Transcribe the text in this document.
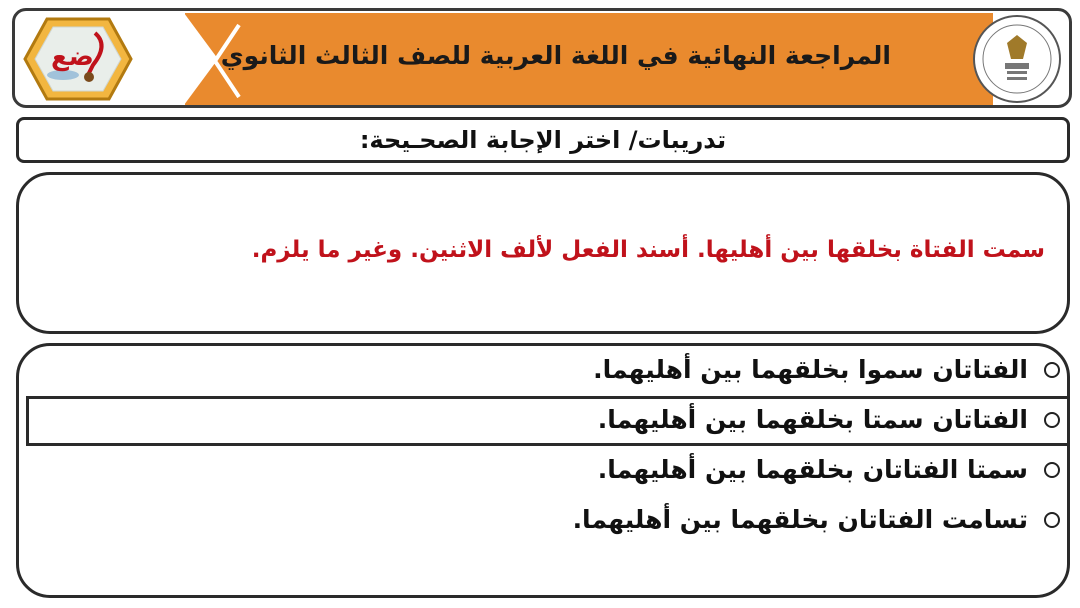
ضع	المراجعة النهائية في اللغة العربية للصف الثالث الثانوي
تدريبات/ اختر الإجابة الصحـيحة:
سمت الفتاة بخلقها بين أهليها. أسند الفعل لألف الاثنين. وغير ما يلزم.
الفتاتان سموا بخلقهما بين أهليهما.
الفتاتان سمتا بخلقهما بين أهليهما.
سمتا الفتاتان بخلقهما بين أهليهما.
تسامت الفتاتان بخلقهما بين أهليهما.
